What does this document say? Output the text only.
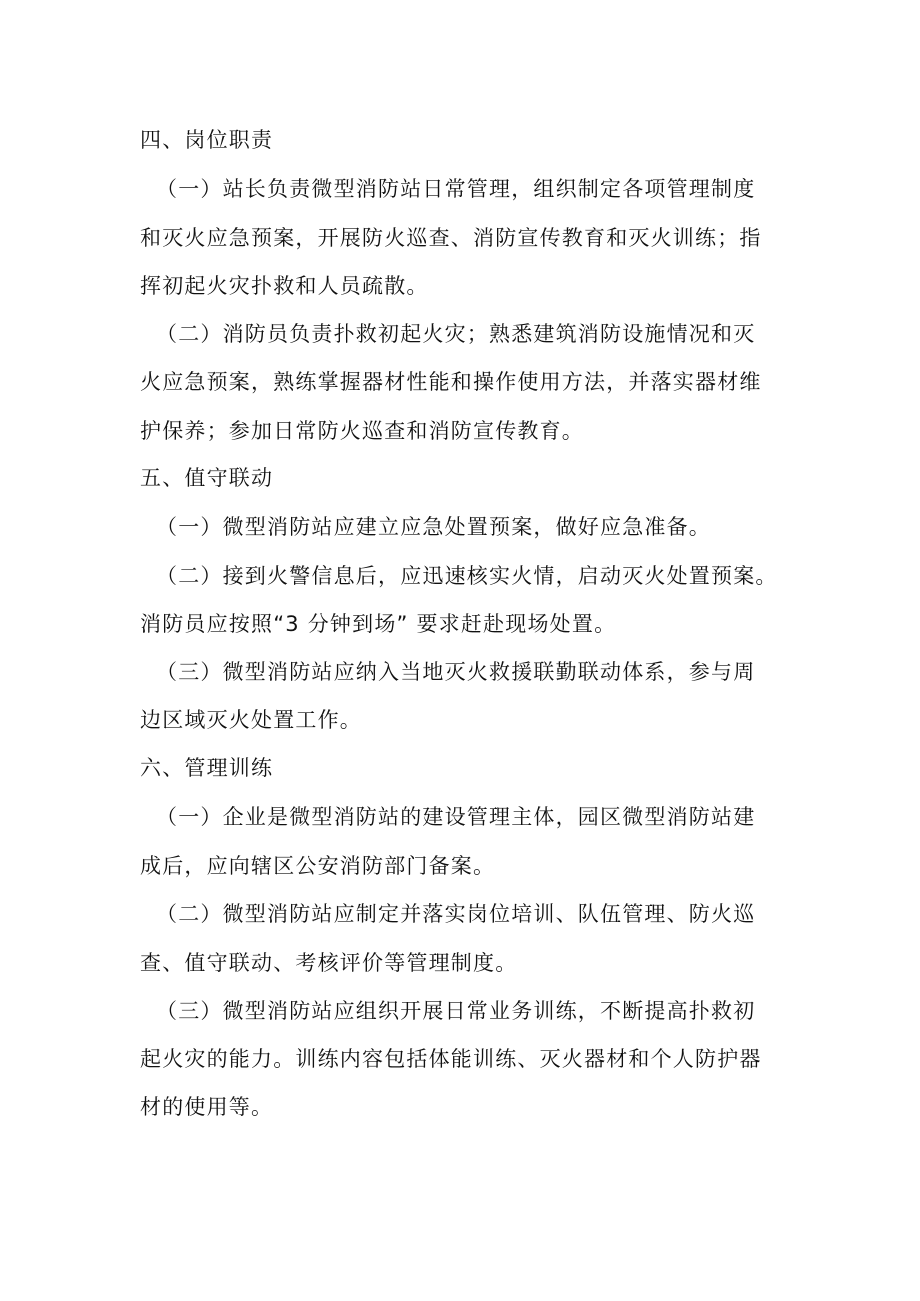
四、岗位职责
（一）站长负责微型消防站日常管理，组织制定各项管理制度
和灭火应急预案，开展防火巡查、消防宣传教育和灭火训练；指
挥初起火灾扑救和人员疏散。
（二）消防员负责扑救初起火灾；熟悉建筑消防设施情况和灭
火应急预案，熟练掌握器材性能和操作使用方法，并落实器材维
护保养；参加日常防火巡查和消防宣传教育。
五、值守联动
（一）微型消防站应建立应急处置预案，做好应急准备。
（二）接到火警信息后，应迅速核实火情，启动灭火处置预案。
消防员应按照“3 分钟到场” 要求赶赴现场处置。
（三）微型消防站应纳入当地灭火救援联勤联动体系，参与周
边区域灭火处置工作。
六、管理训练
（一）企业是微型消防站的建设管理主体，园区微型消防站建
成后，应向辖区公安消防部门备案。
（二）微型消防站应制定并落实岗位培训、队伍管理、防火巡
查、值守联动、考核评价等管理制度。
（三）微型消防站应组织开展日常业务训练，不断提高扑救初
起火灾的能力。训练内容包括体能训练、灭火器材和个人防护器
材的使用等。
